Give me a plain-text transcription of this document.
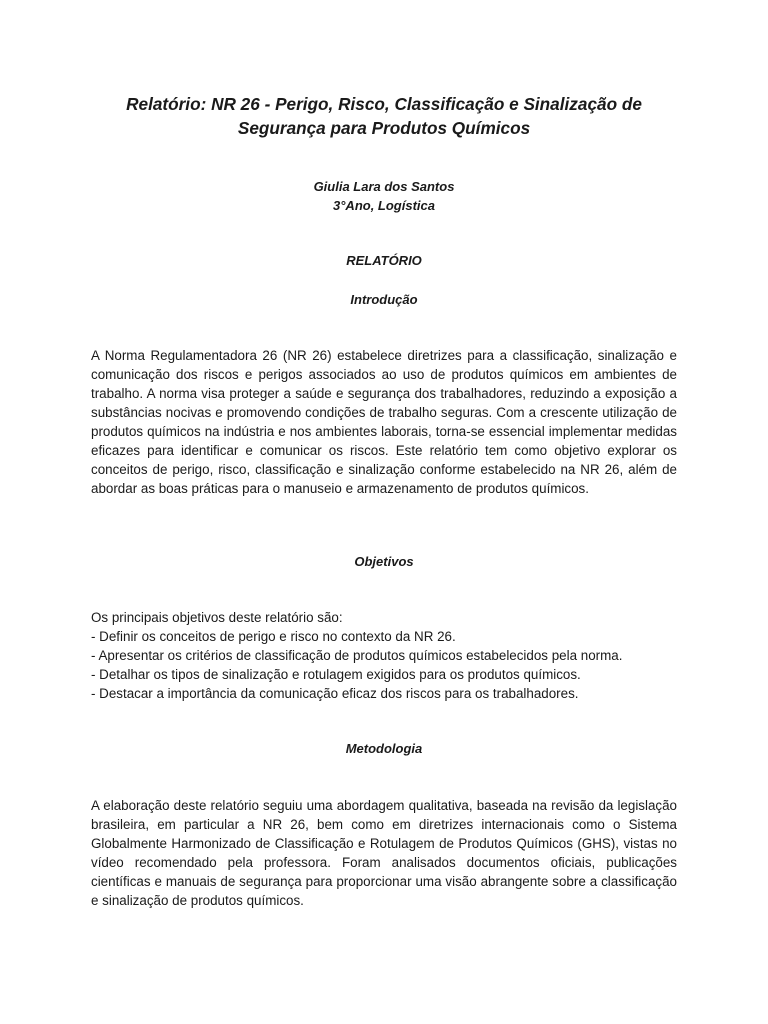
Relatório: NR 26 - Perigo, Risco, Classificação e Sinalização de
Segurança para Produtos Químicos
Giulia Lara dos Santos
3°Ano, Logística
RELATÓRIO
Introdução
A Norma Regulamentadora 26 (NR 26) estabelece diretrizes para a classificação, sinalização e comunicação dos riscos e perigos associados ao uso de produtos químicos em ambientes de trabalho. A norma visa proteger a saúde e segurança dos trabalhadores, reduzindo a exposição a substâncias nocivas e promovendo condições de trabalho seguras. Com a crescente utilização de produtos químicos na indústria e nos ambientes laborais, torna-se essencial implementar medidas eficazes para identificar e comunicar os riscos. Este relatório tem como objetivo explorar os conceitos de perigo, risco, classificação e sinalização conforme estabelecido na NR 26, além de abordar as boas práticas para o manuseio e armazenamento de produtos químicos.
Objetivos
Os principais objetivos deste relatório são:
- Definir os conceitos de perigo e risco no contexto da NR 26.
- Apresentar os critérios de classificação de produtos químicos estabelecidos pela norma.
- Detalhar os tipos de sinalização e rotulagem exigidos para os produtos químicos.
- Destacar a importância da comunicação eficaz dos riscos para os trabalhadores.
Metodologia
A elaboração deste relatório seguiu uma abordagem qualitativa, baseada na revisão da legislação brasileira, em particular a NR 26, bem como em diretrizes internacionais como o Sistema Globalmente Harmonizado de Classificação e Rotulagem de Produtos Químicos (GHS), vistas no vídeo recomendado pela professora. Foram analisados documentos oficiais, publicações científicas e manuais de segurança para proporcionar uma visão abrangente sobre a classificação e sinalização de produtos químicos.
